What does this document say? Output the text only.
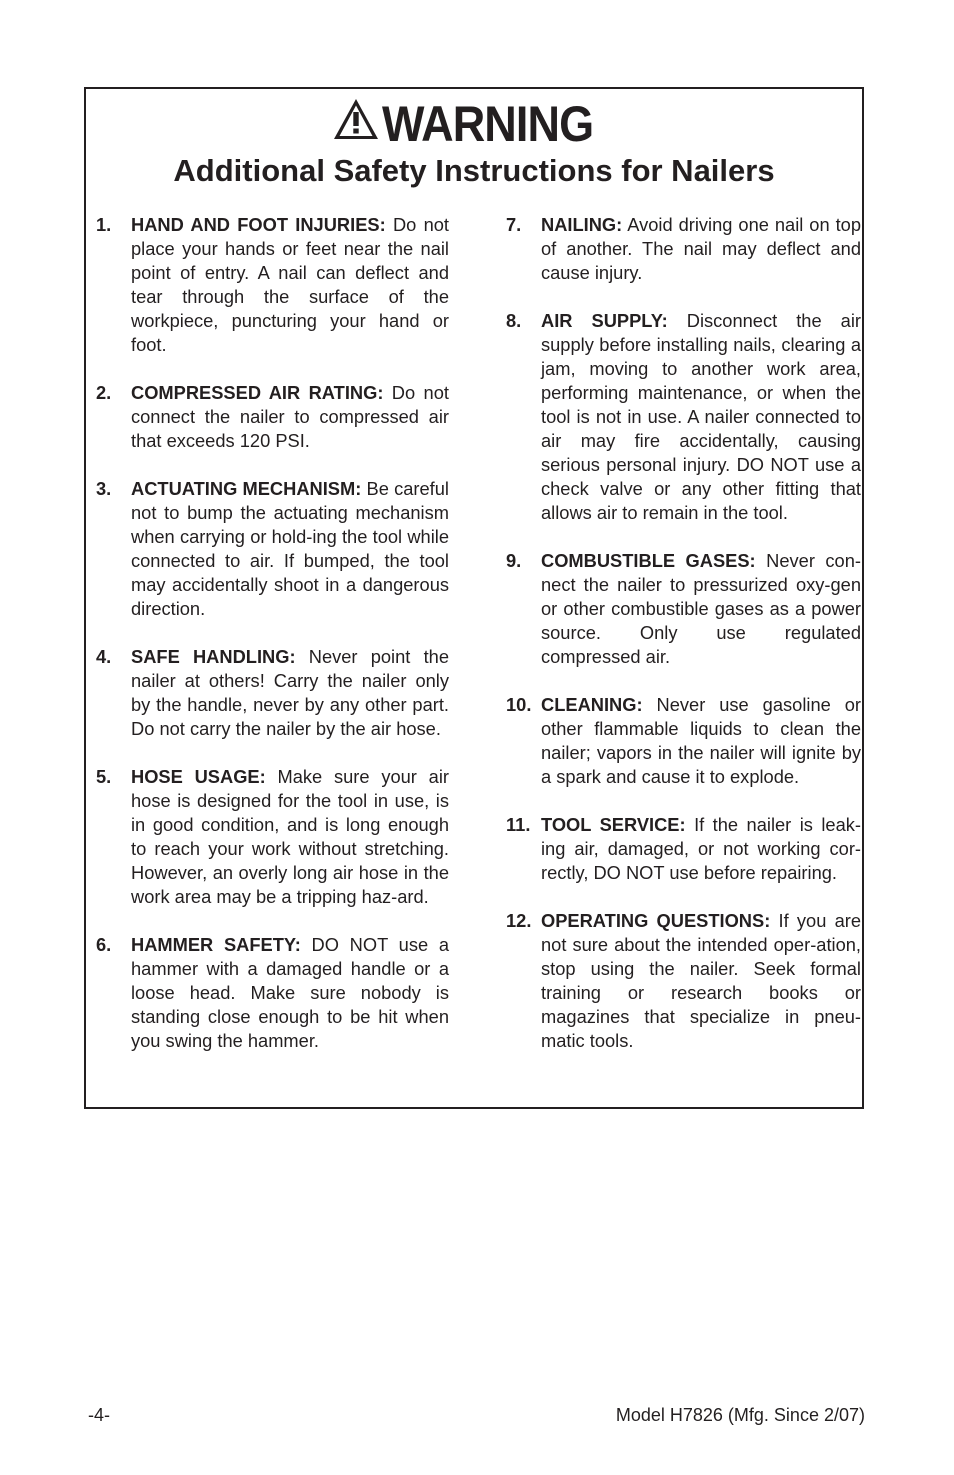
WARNING
Additional Safety Instructions for Nailers
1.	HAND AND FOOT INJURIES: Do not place your hands or feet near the nail point of entry. A nail can deflect and tear through the surface of the workpiece, puncturing your hand or foot.
2.	COMPRESSED AIR RATING: Do not connect the nailer to compressed air that exceeds 120 PSI.
3.	ACTUATING MECHANISM: Be careful not to bump the actuating mechanism when carrying or hold-ing the tool while connected to air. If bumped, the tool may accidentally shoot in a dangerous direction.
4.	SAFE HANDLING: Never point the nailer at others! Carry the nailer only by the handle, never by any other part. Do not carry the nailer by the air hose.
5.	HOSE USAGE: Make sure your air hose is designed for the tool in use, is in good condition, and is long enough to reach your work without stretching. However, an overly long air hose in the work area may be a tripping haz-ard.
6.	HAMMER SAFETY: DO NOT use a hammer with a damaged handle or a loose head. Make sure nobody is standing close enough to be hit when you swing the hammer.
7.	NAILING: Avoid driving one nail on top of another. The nail may deflect and cause injury.
8.	AIR SUPPLY: Disconnect the air supply before installing nails, clearing a jam, moving to another work area, performing maintenance, or when the tool is not in use. A nailer connected to air may fire accidentally, causing serious personal injury. DO NOT use a check valve or any other fitting that allows air to remain in the tool.
9.	COMBUSTIBLE GASES: Never con-nect the nailer to pressurized oxy-gen or other combustible gases as a power source. Only use regulated compressed air.
10. CLEANING: Never use gasoline or other flammable liquids to clean the nailer; vapors in the nailer will ignite by a spark and cause it to explode.
11. TOOL SERVICE: If the nailer is leak-ing air, damaged, or not working cor-rectly, DO NOT use before repairing.
12. OPERATING QUESTIONS: If you are not sure about the intended oper-ation, stop using the nailer. Seek formal training or research books or magazines that specialize in pneu-matic tools.
-4-	Model H7826 (Mfg. Since 2/07)
